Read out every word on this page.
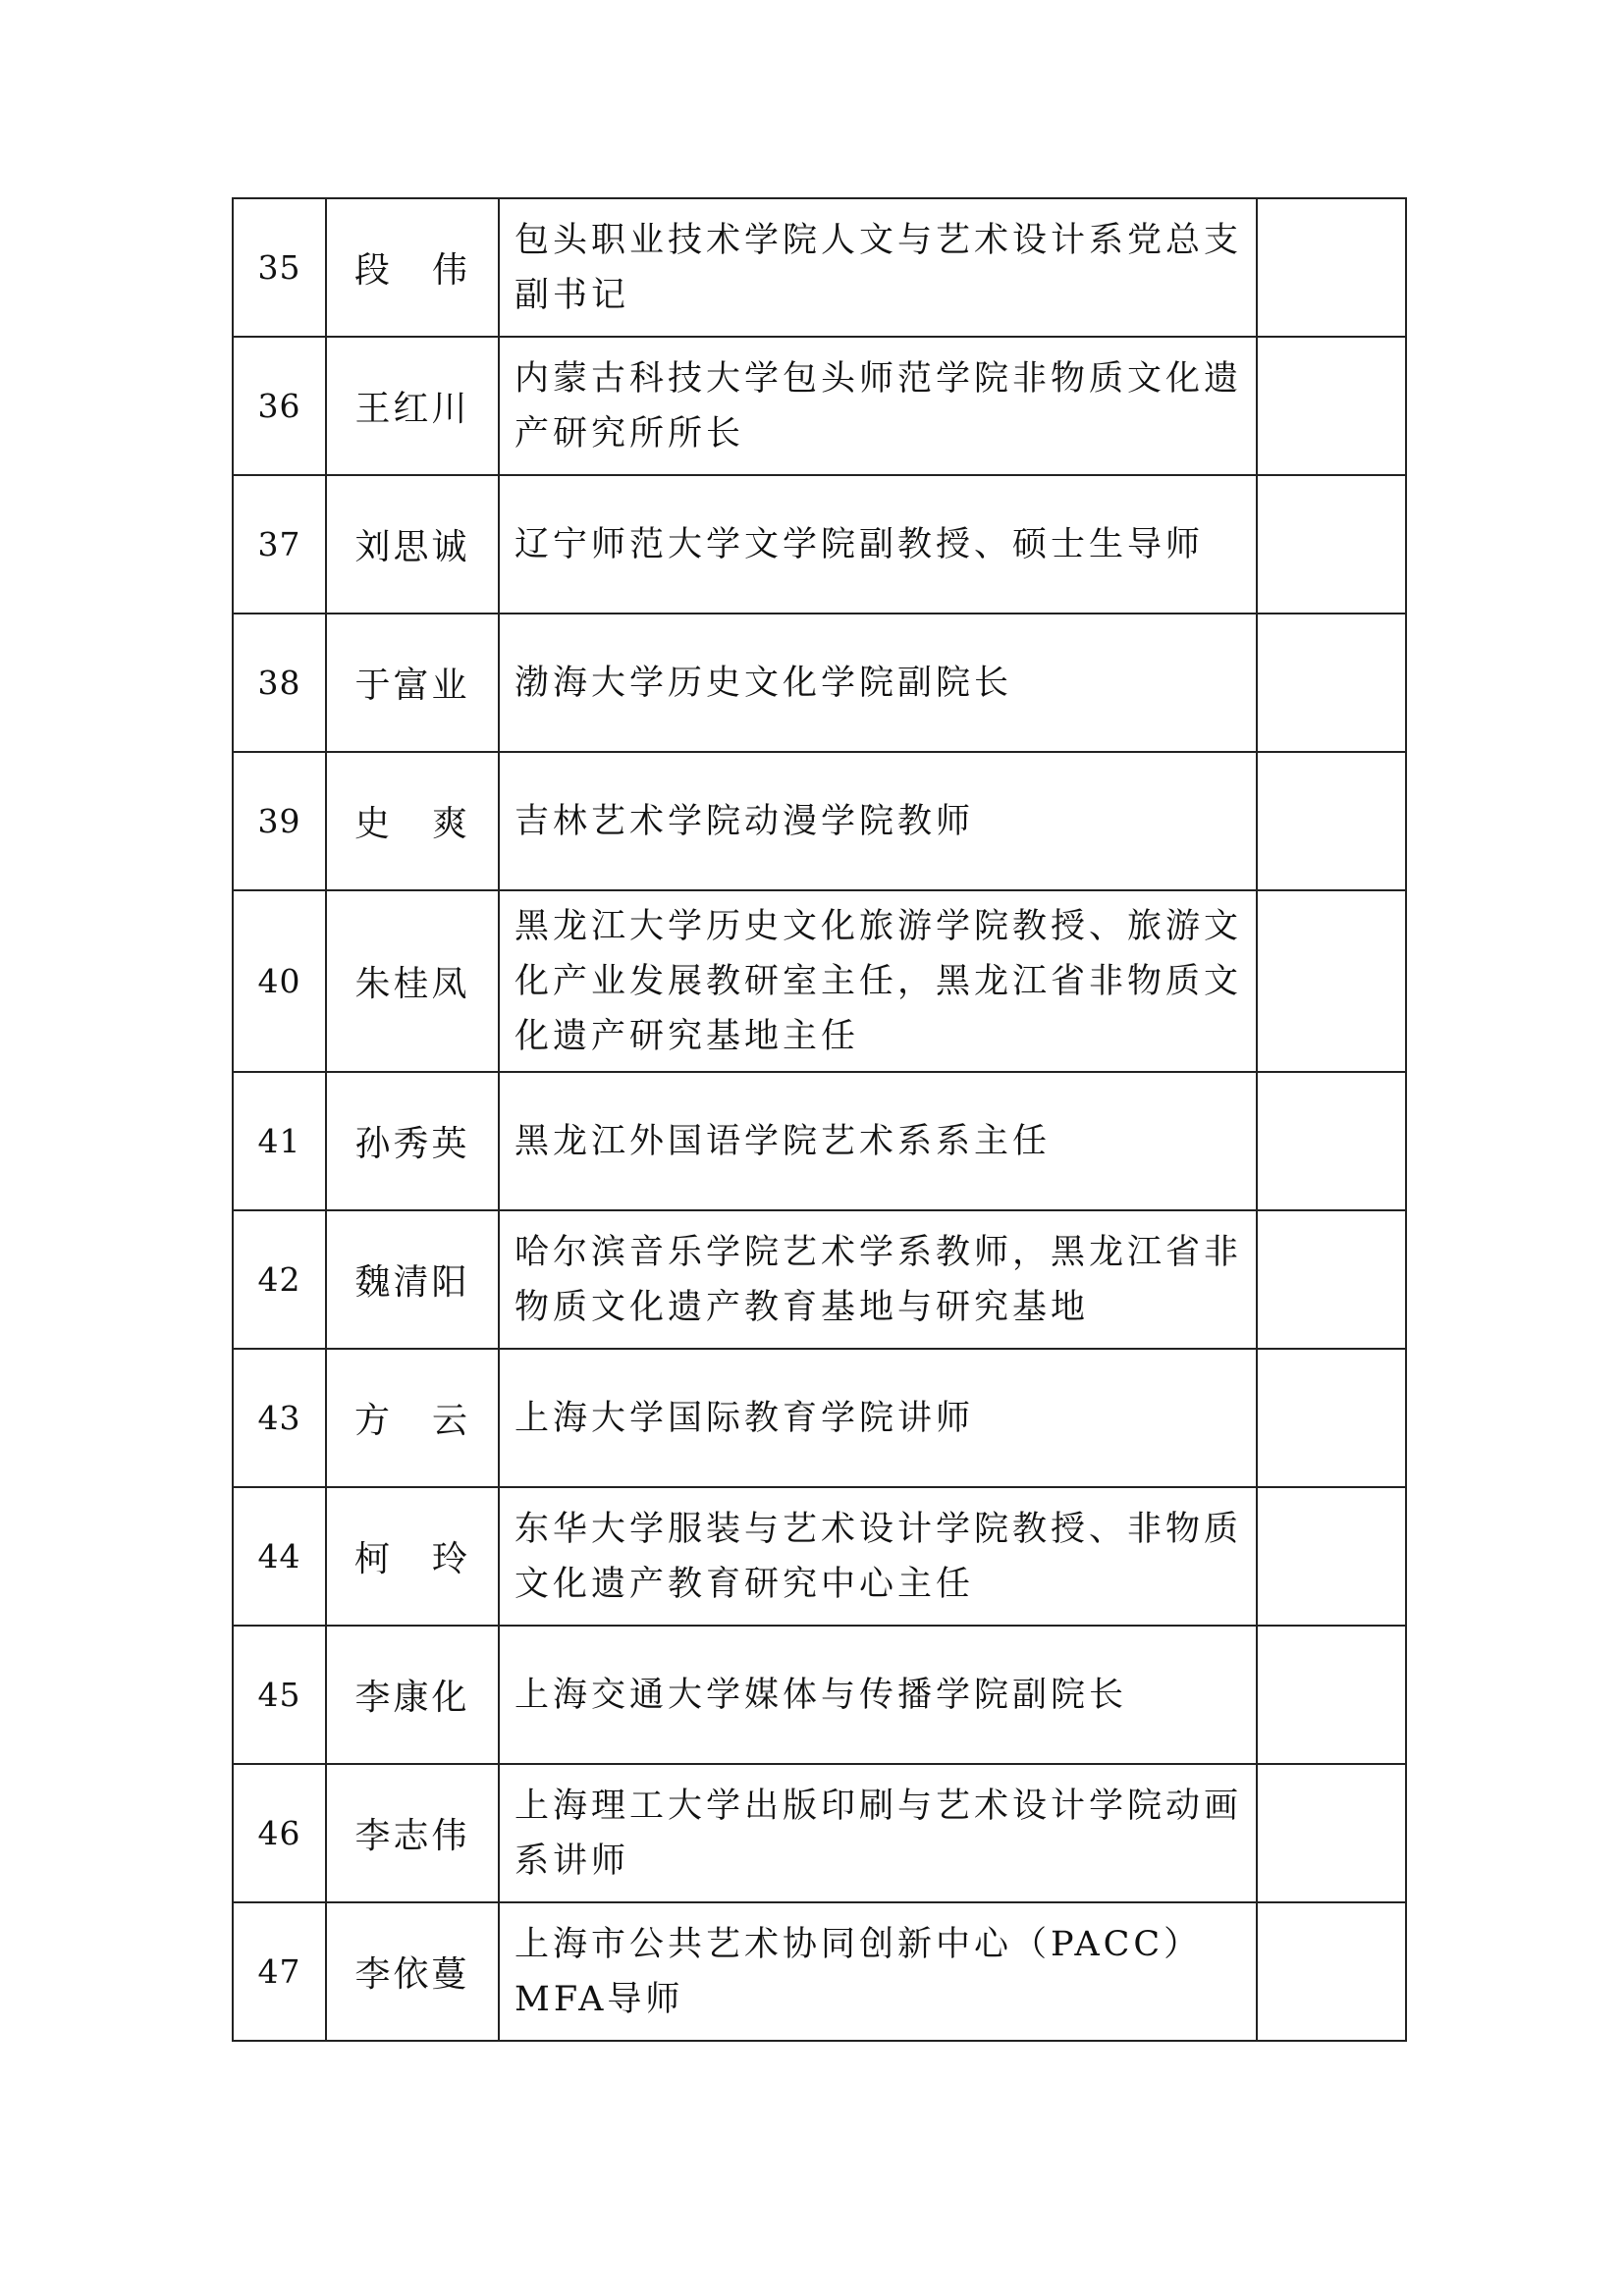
35	段　伟	包头职业技术学院人文与艺术设计系党总支副书记	
36	王红川	内蒙古科技大学包头师范学院非物质文化遗产研究所所长	
37	刘思诚	辽宁师范大学文学院副教授、硕士生导师	
38	于富业	渤海大学历史文化学院副院长	
39	史　爽	吉林艺术学院动漫学院教师	
40	朱桂凤	黑龙江大学历史文化旅游学院教授、旅游文化产业发展教研室主任，黑龙江省非物质文化遗产研究基地主任	
41	孙秀英	黑龙江外国语学院艺术系系主任	
42	魏清阳	哈尔滨音乐学院艺术学系教师，黑龙江省非物质文化遗产教育基地与研究基地	
43	方　云	上海大学国际教育学院讲师	
44	柯　玲	东华大学服装与艺术设计学院教授、非物质文化遗产教育研究中心主任	
45	李康化	上海交通大学媒体与传播学院副院长	
46	李志伟	上海理工大学出版印刷与艺术设计学院动画系讲师	
47	李依蔓	上海市公共艺术协同创新中心（PACC）MFA导师	
